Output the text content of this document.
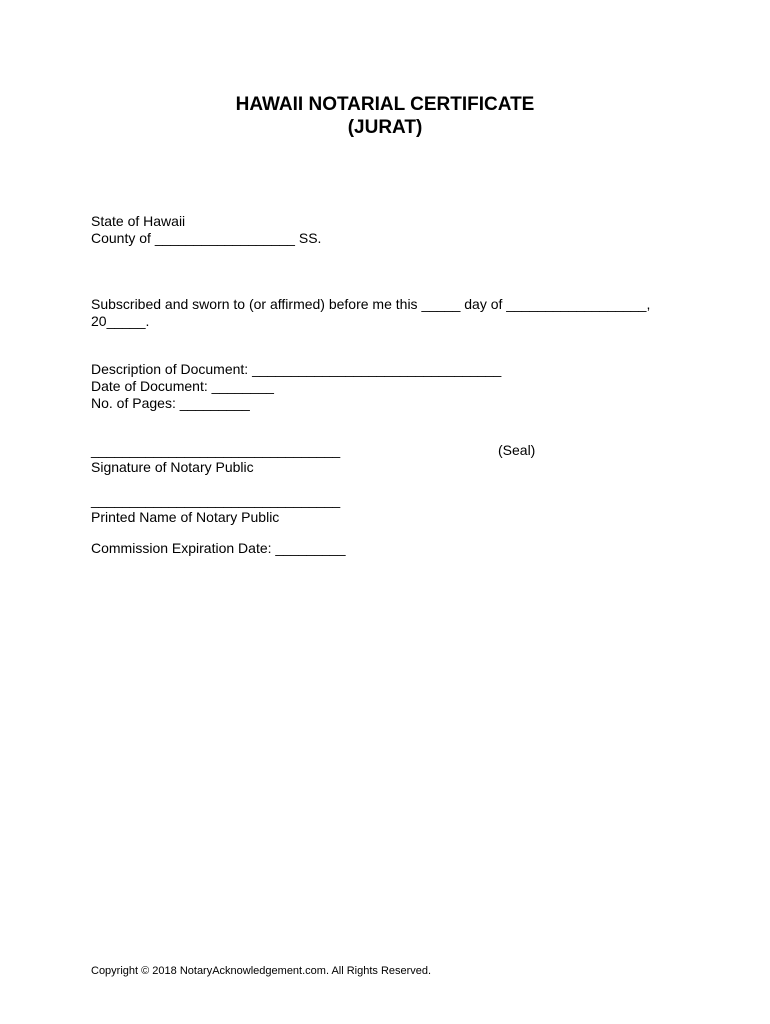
HAWAII NOTARIAL CERTIFICATE
(JURAT)
State of Hawaii
County of __________________ SS.
Subscribed and sworn to (or affirmed) before me this _____ day of __________________,
20_____.
Description of Document: ________________________________
Date of Document: ________
No. of Pages: _________
________________________________	(Seal)
Signature of Notary Public
________________________________
Printed Name of Notary Public
Commission Expiration Date: _________
Copyright © 2018 NotaryAcknowledgement.com. All Rights Reserved.
